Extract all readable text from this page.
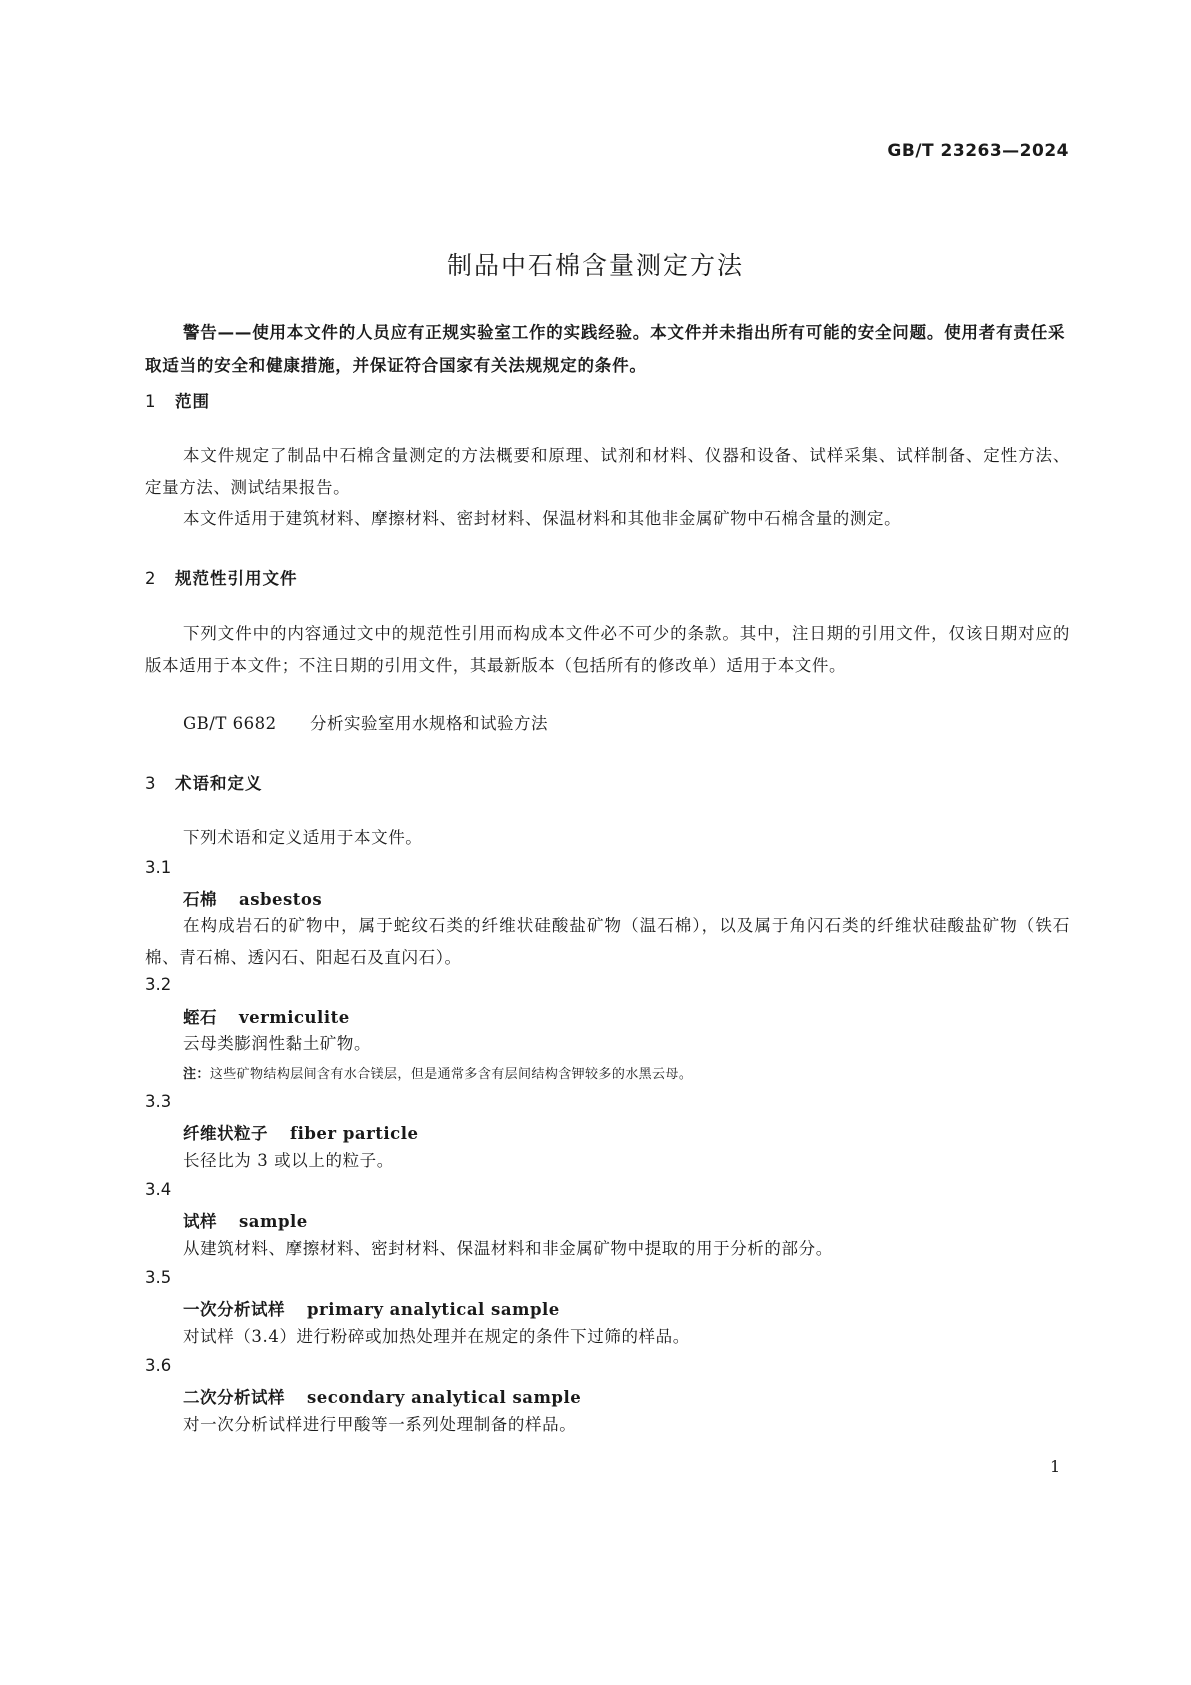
GB/T 23263—2024
制品中石棉含量测定方法
警告——使用本文件的人员应有正规实验室工作的实践经验。本文件并未指出所有可能的安全问题。使用者有责任采取适当的安全和健康措施，并保证符合国家有关法规规定的条件。
1 范围
本文件规定了制品中石棉含量测定的方法概要和原理、试剂和材料、仪器和设备、试样采集、试样制备、定性方法、定量方法、测试结果报告。
本文件适用于建筑材料、摩擦材料、密封材料、保温材料和其他非金属矿物中石棉含量的测定。
2 规范性引用文件
下列文件中的内容通过文中的规范性引用而构成本文件必不可少的条款。其中，注日期的引用文件，仅该日期对应的版本适用于本文件；不注日期的引用文件，其最新版本（包括所有的修改单）适用于本文件。
GB/T 6682 分析实验室用水规格和试验方法
3 术语和定义
下列术语和定义适用于本文件。
3.1
石棉 asbestos
在构成岩石的矿物中，属于蛇纹石类的纤维状硅酸盐矿物（温石棉），以及属于角闪石类的纤维状硅酸盐矿物（铁石棉、青石棉、透闪石、阳起石及直闪石）。
3.2
蛭石 vermiculite
云母类膨润性黏土矿物。
注：这些矿物结构层间含有水合镁层，但是通常多含有层间结构含钾较多的水黑云母。
3.3
纤维状粒子 fiber particle
长径比为 3 或以上的粒子。
3.4
试样 sample
从建筑材料、摩擦材料、密封材料、保温材料和非金属矿物中提取的用于分析的部分。
3.5
一次分析试样 primary analytical sample
对试样（3.4）进行粉碎或加热处理并在规定的条件下过筛的样品。
3.6
二次分析试样 secondary analytical sample
对一次分析试样进行甲酸等一系列处理制备的样品。
1
